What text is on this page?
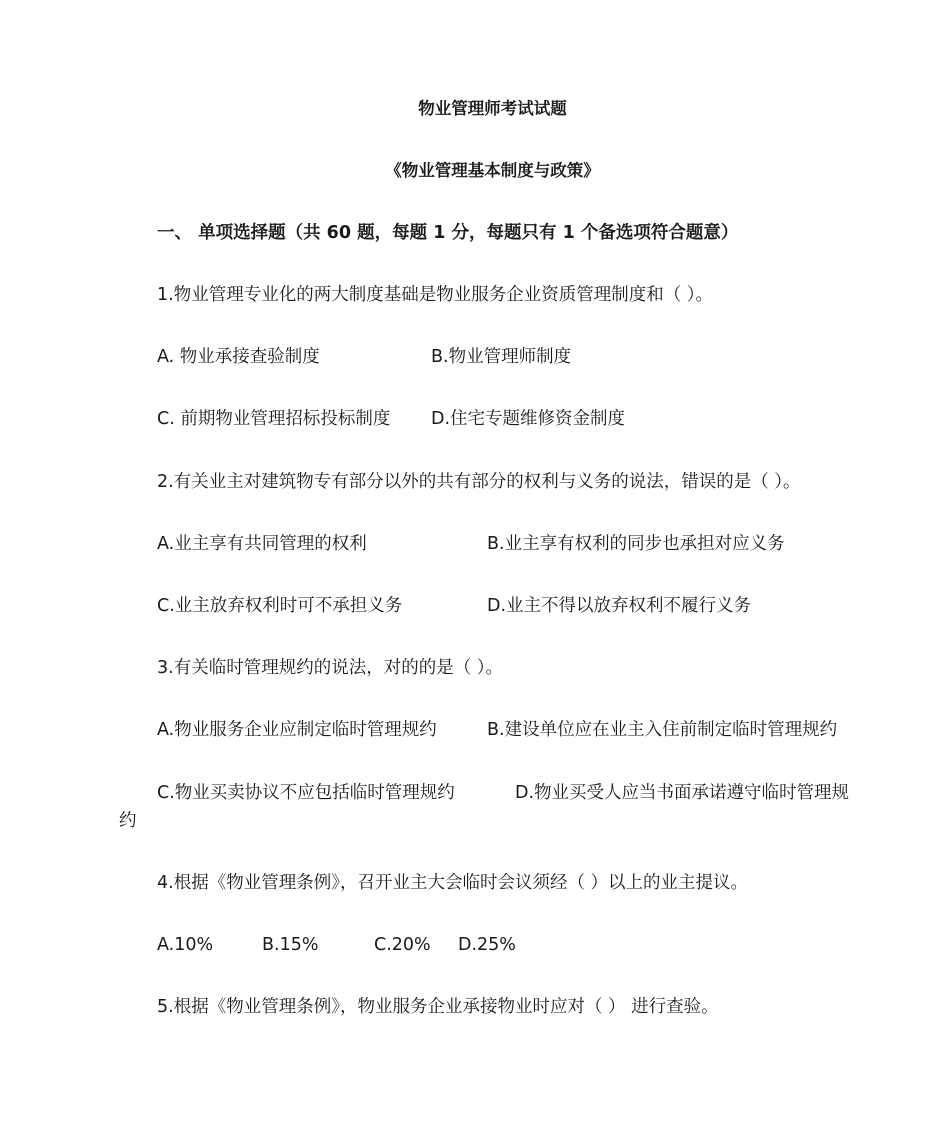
物业管理师考试试题
《物业管理基本制度与政策》
一、 单项选择题（共 60 题，每题 1 分，每题只有 1 个备选项符合题意）
1.物业管理专业化的两大制度基础是物业服务企业资质管理制度和（ ）。
A. 物业承接查验制度	B.物业管理师制度
C. 前期物业管理招标投标制度 D.住宅专题维修资金制度
2.有关业主对建筑物专有部分以外的共有部分的权利与义务的说法，错误的是（ ）。
A.业主享有共同管理的权利	B.业主享有权利的同步也承担对应义务
C.业主放弃权利时可不承担义务	D.业主不得以放弃权利不履行义务
3.有关临时管理规约的说法，对的的是（ ）。
A.物业服务企业应制定临时管理规约	B.建设单位应在业主入住前制定临时管理规约
C.物业买卖协议不应包括临时管理规约	D.物业买受人应当书面承诺遵守临时管理规
约
4.根据《物业管理条例》，召开业主大会临时会议须经（ ）以上的业主提议。
A.10%	B.15%	C.20% D.25%
5.根据《物业管理条例》，物业服务企业承接物业时应对（ ） 进行查验。
